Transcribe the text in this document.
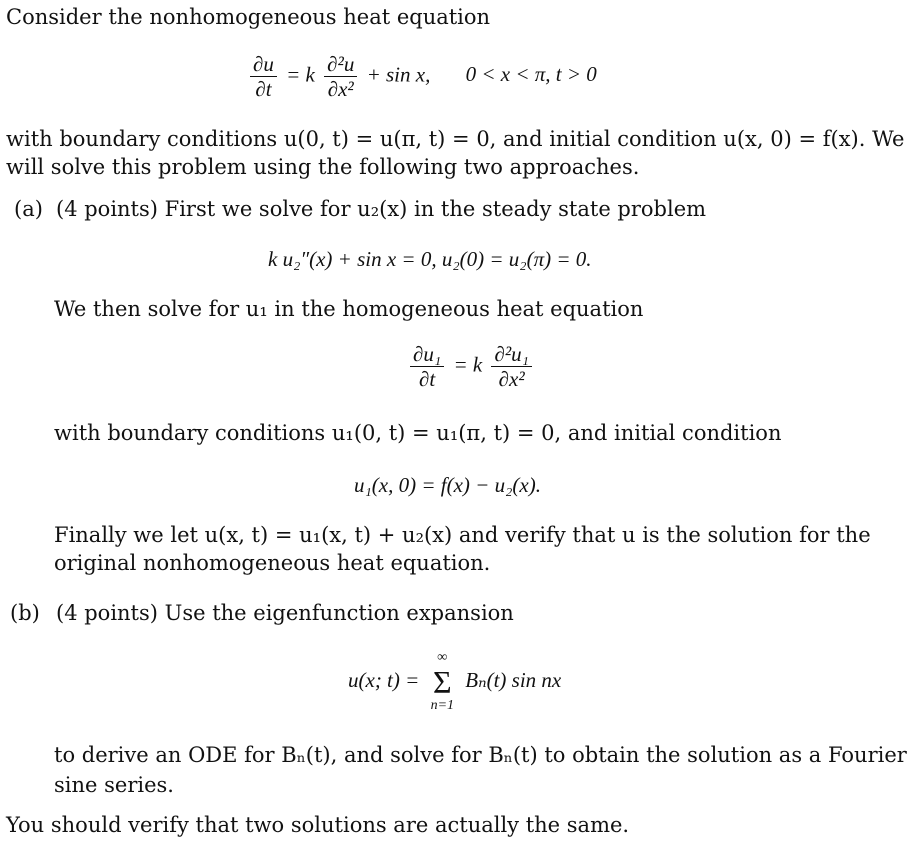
Consider the nonhomogeneous heat equation
$\frac{\partial u}{\partial t} = k \frac{\text{∂²u}}{\text{∂x²}} + \sin x$, 0 < x < π, t > 0
with boundary conditions u(0, t) = u(π, t) = 0, and initial condition u(x, 0) = f(x). We
will solve this problem using the following two approaches.
(a) (4 points) First we solve for u₂(x) in the steady state problem
k u₂″(x) + sin x = 0, u₂(0) = u₂(π) = 0.
We then solve for u₁ in the homogeneous heat equation
$\frac{\text{∂u₁}}{\partial t} = k \frac{\text{∂²u₁}}{\text{∂x²}}$
with boundary conditions u₁(0, t) = u₁(π, t) = 0, and initial condition
u₁(x, 0) = f(x) − u₂(x).
Finally we let u(x, t) = u₁(x, t) + u₂(x) and verify that u is the solution for the
original nonhomogeneous heat equation.
(b) (4 points) Use the eigenfunction expansion
u(x; t) =
∞
Σ
n=1
Bₙ(t) sin nx
to derive an ODE for Bₙ(t), and solve for Bₙ(t) to obtain the solution as a Fourier
sine series.
You should verify that two solutions are actually the same.
